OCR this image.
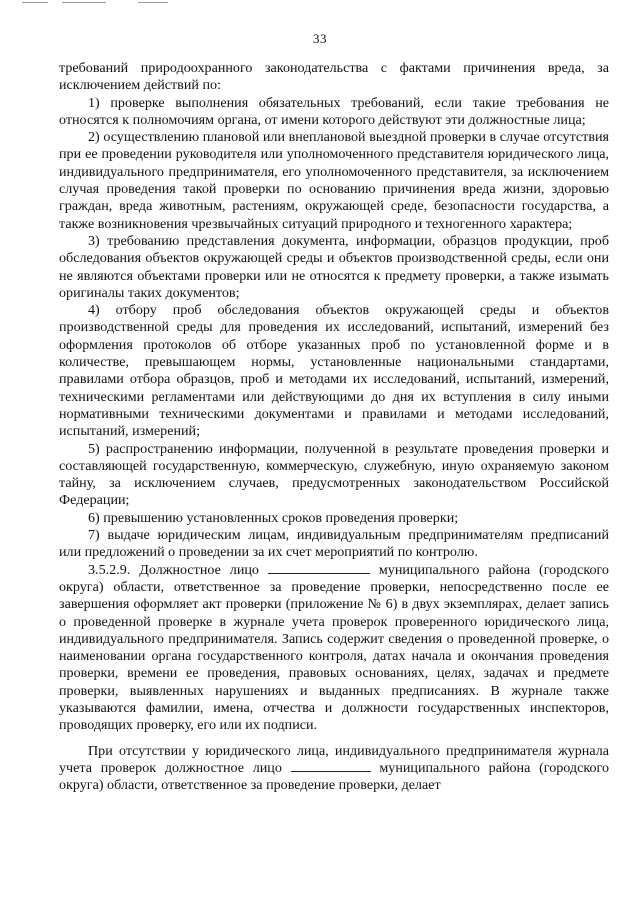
33

требований природоохранного законодательства с фактами причинения вреда, за исключением действий по:

1) проверке выполнения обязательных требований, если такие требования не относятся к полномочиям органа, от имени которого действуют эти должностные лица;

2) осуществлению плановой или внеплановой выездной проверки в случае отсутствия при ее проведении руководителя или уполномоченного представителя юридического лица, индивидуального предпринимателя, его уполномоченного представителя, за исключением случая проведения такой проверки по основанию причинения вреда жизни, здоровью граждан, вреда животным, растениям, окружающей среде, безопасности государства, а также возникновения чрезвычайных ситуаций природного и техногенного характера;

3) требованию представления документа, информации, образцов продукции, проб обследования объектов окружающей среды и объектов производственной среды, если они не являются объектами проверки или не относятся к предмету проверки, а также изымать оригиналы таких документов;

4) отбору проб обследования объектов окружающей среды и объектов производственной среды для проведения их исследований, испытаний, измерений без оформления протоколов об отборе указанных проб по установленной форме и в количестве, превышающем нормы, установленные национальными стандартами, правилами отбора образцов, проб и методами их исследований, испытаний, измерений, техническими регламентами или действующими до дня их вступления в силу иными нормативными техническими документами и правилами и методами исследований, испытаний, измерений;

5) распространению информации, полученной в результате проведения проверки и составляющей государственную, коммерческую, служебную, иную охраняемую законом тайну, за исключением случаев, предусмотренных законодательством Российской Федерации;

6) превышению установленных сроков проведения проверки;

7) выдаче юридическим лицам, индивидуальным предпринимателям предписаний или предложений о проведении за их счет мероприятий по контролю.

3.5.2.9. Должностное лицо	муниципального района (городского округа) области, ответственное за проведение проверки, непосредственно после ее завершения оформляет акт проверки (приложение № 6) в двух экземплярах, делает запись о проведенной проверке в журнале учета проверок проверенного юридического лица, индивидуального предпринимателя. Запись содержит сведения о проведенной проверке, о наименовании органа государственного контроля, датах начала и окончания проведения проверки, времени ее проведения, правовых основаниях, целях, задачах и предмете проверки, выявленных нарушениях и выданных предписаниях. В журнале также указываются фамилии, имена, отчества и должности государственных инспекторов, проводящих проверку, его или их подписи.

При отсутствии у юридического лица, индивидуального предпринимателя журнала учета проверок должностное лицо	муниципального района (городского округа) области, ответственное за проведение проверки, делает
